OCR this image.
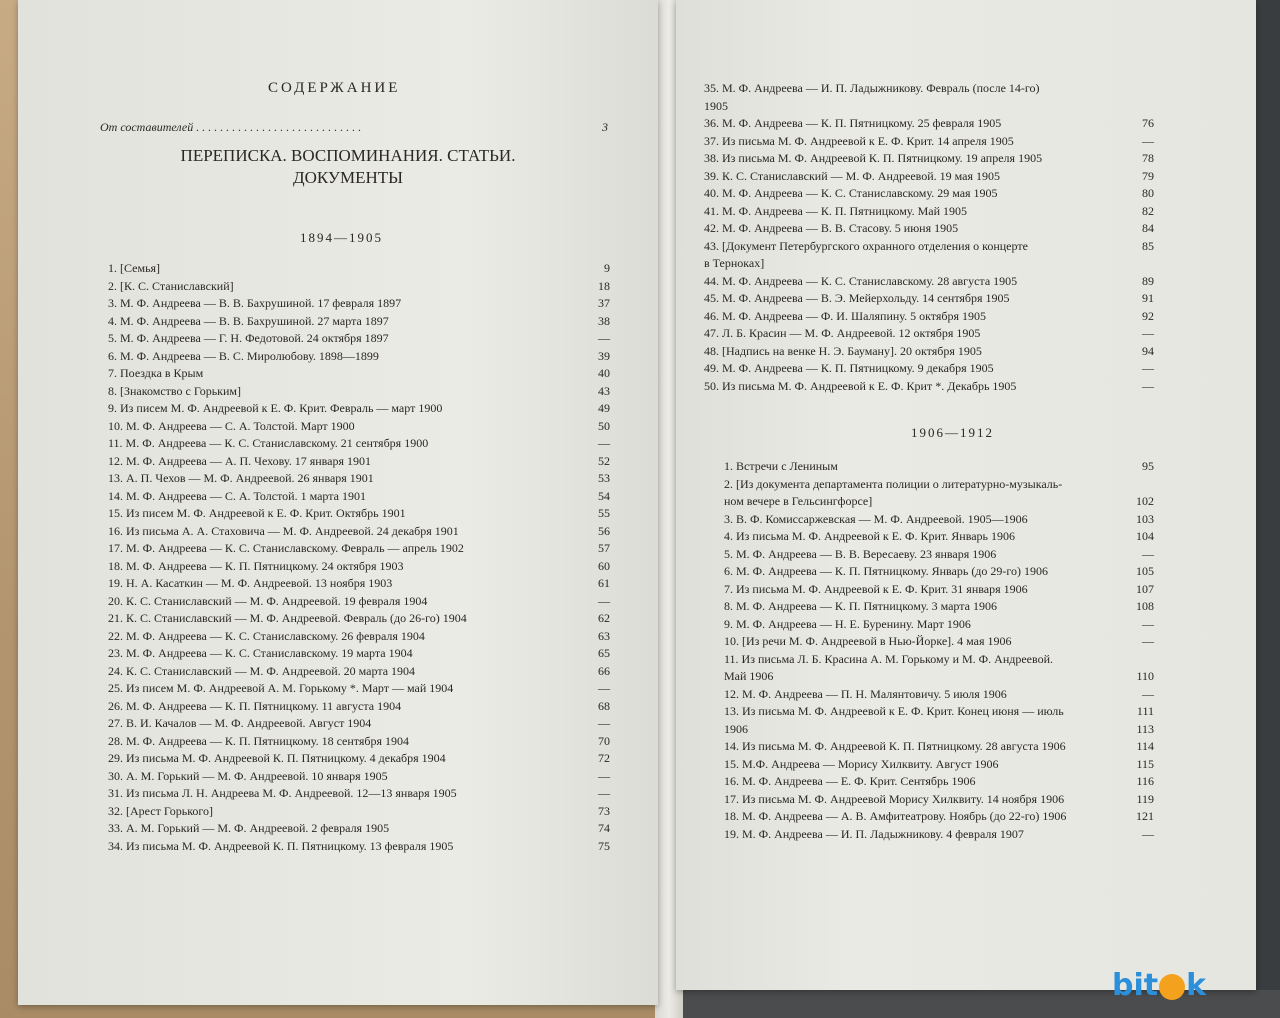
СОДЕРЖАНИЕ
От составителей . . . . . . . . . . . . . . . . . . . . . . . . . . . .	3
ПЕРЕПИСКА. ВОСПОМИНАНИЯ. СТАТЬИ.
ДОКУМЕНТЫ
1894—1905
1. [Семья]	9
2. [К. С. Станиславский]	18
3. М. Ф. Андреева — В. В. Бахрушиной. 17 февраля 1897	37
4. М. Ф. Андреева — В. В. Бахрушиной. 27 марта 1897	38
5. М. Ф. Андреева — Г. Н. Федотовой. 24 октября 1897	—
6. М. Ф. Андреева — В. С. Миролюбову. 1898—1899	39
7. Поездка в Крым	40
8. [Знакомство с Горьким]	43
9. Из писем М. Ф. Андреевой к Е. Ф. Крит. Февраль — март 1900	49
10. М. Ф. Андреева — С. А. Толстой. Март 1900	50
11. М. Ф. Андреева — К. С. Станиславскому. 21 сентября 1900	—
12. М. Ф. Андреева — А. П. Чехову. 17 января 1901	52
13. А. П. Чехов — М. Ф. Андреевой. 26 января 1901	53
14. М. Ф. Андреева — С. А. Толстой. 1 марта 1901	54
15. Из писем М. Ф. Андреевой к Е. Ф. Крит. Октябрь 1901	55
16. Из письма А. А. Стаховича — М. Ф. Андреевой. 24 декабря 1901	56
17. М. Ф. Андреева — К. С. Станиславскому. Февраль — апрель 1902	57
18. М. Ф. Андреева — К. П. Пятницкому. 24 октября 1903	60
19. Н. А. Касаткин — М. Ф. Андреевой. 13 ноября 1903	61
20. К. С. Станиславский — М. Ф. Андреевой. 19 февраля 1904	—
21. К. С. Станиславский — М. Ф. Андреевой. Февраль (до 26-го) 1904	62
22. М. Ф. Андреева — К. С. Станиславскому. 26 февраля 1904	63
23. М. Ф. Андреева — К. С. Станиславскому. 19 марта 1904	65
24. К. С. Станиславский — М. Ф. Андреевой. 20 марта 1904	66
25. Из писем М. Ф. Андреевой А. М. Горькому *. Март — май 1904	—
26. М. Ф. Андреева — К. П. Пятницкому. 11 августа 1904	68
27. В. И. Качалов — М. Ф. Андреевой. Август 1904	—
28. М. Ф. Андреева — К. П. Пятницкому. 18 сентября 1904	70
29. Из письма М. Ф. Андреевой К. П. Пятницкому. 4 декабря 1904	72
30. А. М. Горький — М. Ф. Андреевой. 10 января 1905	—
31. Из письма Л. Н. Андреева М. Ф. Андреевой. 12—13 января 1905	—
32. [Арест Горького]	73
33. А. М. Горький — М. Ф. Андреевой. 2 февраля 1905	74
34. Из письма М. Ф. Андреевой К. П. Пятницкому. 13 февраля 1905	75
35. М. Ф. Андреева — И. П. Ладыжникову. Февраль (после 14-го)
1905
36. М. Ф. Андреева — К. П. Пятницкому. 25 февраля 1905	76
37. Из письма М. Ф. Андреевой к Е. Ф. Крит. 14 апреля 1905	—
38. Из письма М. Ф. Андреевой К. П. Пятницкому. 19 апреля 1905	78
39. К. С. Станиславский — М. Ф. Андреевой. 19 мая 1905	79
40. М. Ф. Андреева — К. С. Станиславскому. 29 мая 1905	80
41. М. Ф. Андреева — К. П. Пятницкому. Май 1905	82
42. М. Ф. Андреева — В. В. Стасову. 5 июня 1905	84
43. [Документ Петербургского охранного отделения о концерте	85
в Терноках]
44. М. Ф. Андреева — К. С. Станиславскому. 28 августа 1905	89
45. М. Ф. Андреева — В. Э. Мейерхольду. 14 сентября 1905	91
46. М. Ф. Андреева — Ф. И. Шаляпину. 5 октября 1905	92
47. Л. Б. Красин — М. Ф. Андреевой. 12 октября 1905	—
48. [Надпись на венке Н. Э. Бауману]. 20 октября 1905	94
49. М. Ф. Андреева — К. П. Пятницкому. 9 декабря 1905	—
50. Из письма М. Ф. Андреевой к Е. Ф. Крит *. Декабрь 1905	—
1906—1912
1. Встречи с Лениным	95
2. [Из документа департамента полиции о литературно-музыкаль-
ном вечере в Гельсингфорсе]	102
3. В. Ф. Комиссаржевская — М. Ф. Андреевой. 1905—1906	103
4. Из письма М. Ф. Андреевой к Е. Ф. Крит. Январь 1906	104
5. М. Ф. Андреева — В. В. Вересаеву. 23 января 1906	—
6. М. Ф. Андреева — К. П. Пятницкому. Январь (до 29-го) 1906	105
7. Из письма М. Ф. Андреевой к Е. Ф. Крит. 31 января 1906	107
8. М. Ф. Андреева — К. П. Пятницкому. 3 марта 1906	108
9. М. Ф. Андреева — Н. Е. Буренину. Март 1906	—
10. [Из речи М. Ф. Андреевой в Нью-Йорке]. 4 мая 1906	—
11. Из письма Л. Б. Красина А. М. Горькому и М. Ф. Андреевой.
Май 1906	110
12. М. Ф. Андреева — П. Н. Малянтовичу. 5 июля 1906	—
13. Из письма М. Ф. Андреевой к Е. Ф. Крит. Конец июня — июль	111
1906	113
14. Из письма М. Ф. Андреевой К. П. Пятницкому. 28 августа 1906	114
15. М.Ф. Андреева — Морису Хилквиту. Август 1906	115
16. М. Ф. Андреева — Е. Ф. Крит. Сентябрь 1906	116
17. Из письма М. Ф. Андреевой Морису Хилквиту. 14 ноября 1906	119
18. М. Ф. Андреева — А. В. Амфитеатрову. Ноябрь (до 22-го) 1906	121
19. М. Ф. Андреева — И. П. Ладыжникову. 4 февраля 1907	—
bit k
